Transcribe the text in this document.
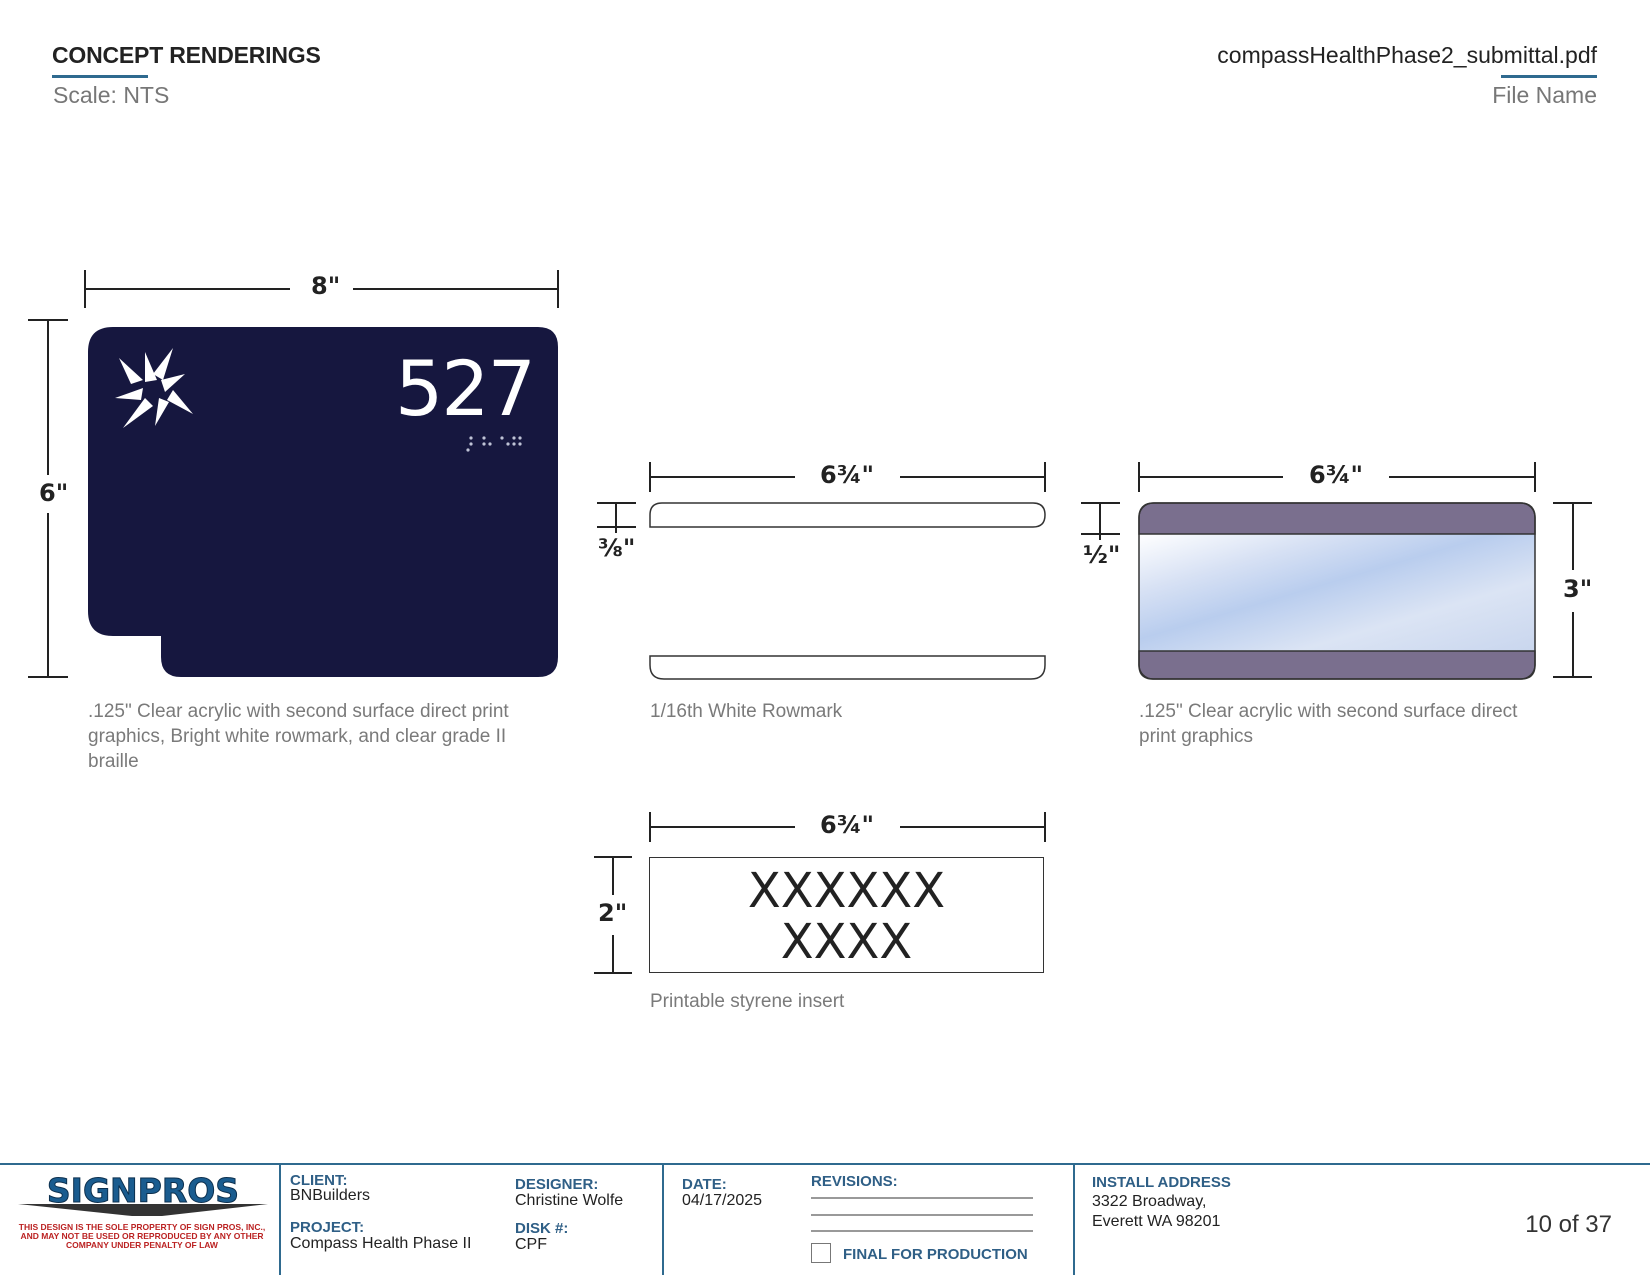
CONCEPT RENDERINGS
Scale: NTS
compassHealthPhase2_submittal.pdf
File Name
527
8"
6"
6¾"
⅜"
6¾"
½"
3"
6¾"
2"
.125" Clear acrylic with second surface direct print graphics, Bright white rowmark, and clear grade II braille
1/16th White Rowmark	.125" Clear acrylic with second surface direct print graphics
Printable styrene insert
XXXXXX
XXXX
SIGNPROS
THIS DESIGN IS THE SOLE PROPERTY OF SIGN PROS, INC., AND MAY NOT BE USED OR REPRODUCED BY ANY OTHER COMPANY UNDER PENALTY OF LAW
CLIENT:
BNBuilders
PROJECT:
Compass Health Phase II
DESIGNER:
Christine Wolfe
DISK #:
CPF
DATE:
04/17/2025
REVISIONS:
FINAL FOR PRODUCTION
INSTALL ADDRESS
3322 Broadway,
Everett WA 98201	10 of 37
